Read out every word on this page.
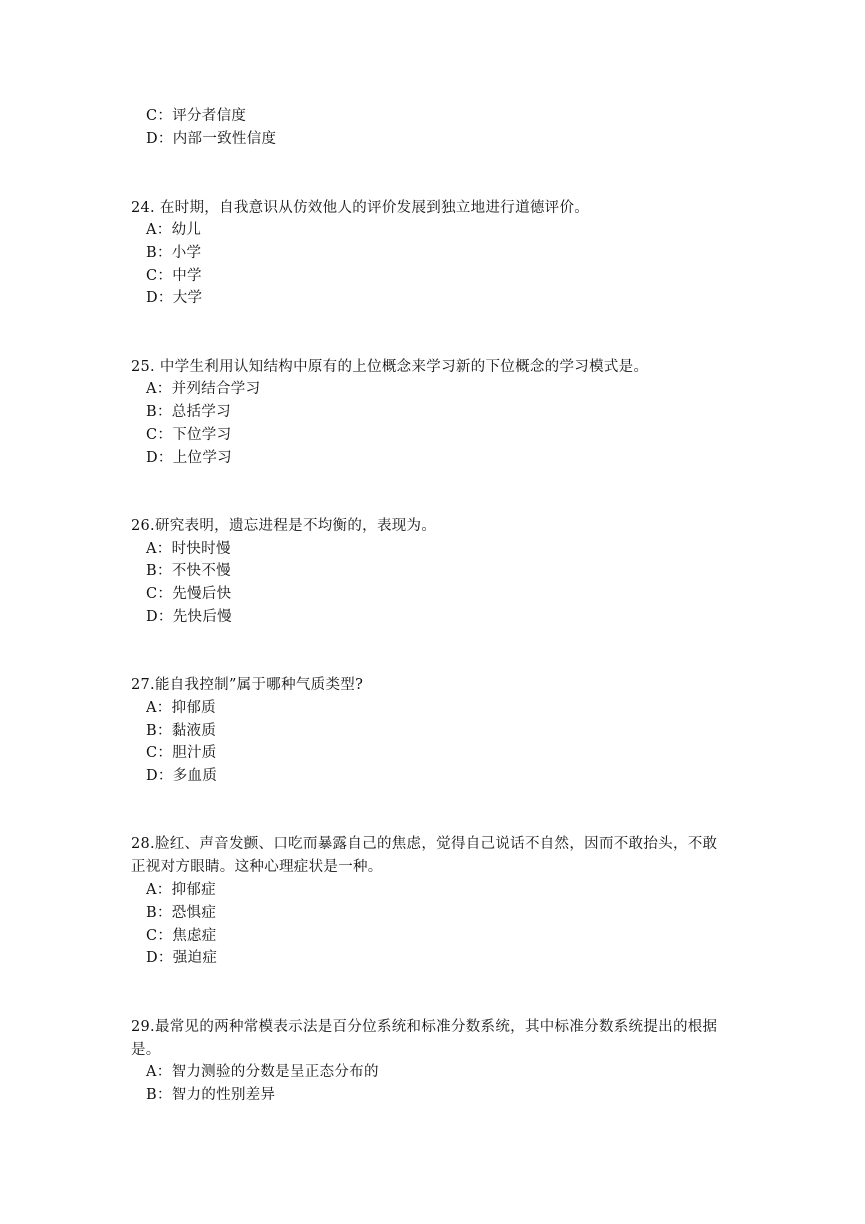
C：评分者信度
D：内部一致性信度
24. 在时期，自我意识从仿效他人的评价发展到独立地进行道德评价。
A：幼儿
B：小学
C：中学
D：大学
25. 中学生利用认知结构中原有的上位概念来学习新的下位概念的学习模式是。
A：并列结合学习
B：总括学习
C：下位学习
D：上位学习
26.研究表明，遗忘进程是不均衡的，表现为。
A：时快时慢
B：不快不慢
C：先慢后快
D：先快后慢
27.能自我控制”属于哪种气质类型?
A：抑郁质
B：黏液质
C：胆汁质
D：多血质
28.脸红、声音发颤、口吃而暴露自己的焦虑，觉得自己说话不自然，因而不敢抬头，不敢
正视对方眼睛。这种心理症状是一种。
A：抑郁症
B：恐惧症
C：焦虑症
D：强迫症
29.最常见的两种常模表示法是百分位系统和标准分数系统，其中标准分数系统提出的根据
是。
A：智力测验的分数是呈正态分布的
B：智力的性别差异
